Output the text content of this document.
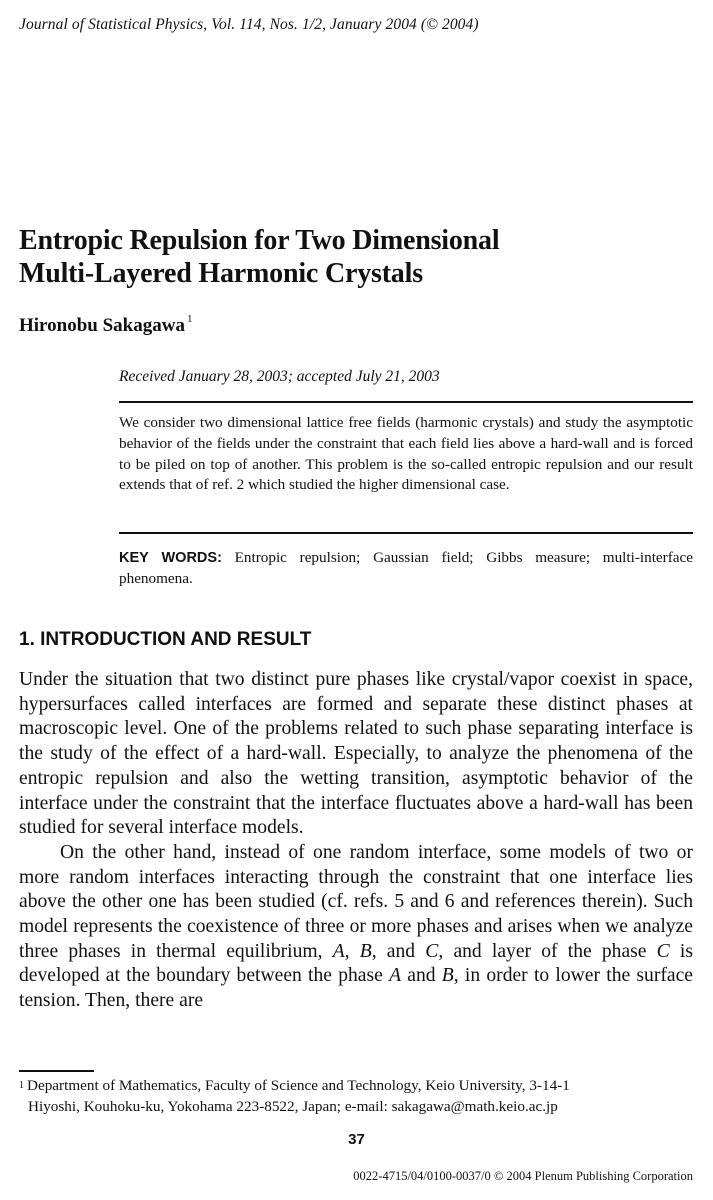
Journal of Statistical Physics, Vol. 114, Nos. 1/2, January 2004 (© 2004)
Entropic Repulsion for Two Dimensional
Multi-Layered Harmonic Crystals
Hironobu Sakagawa $^1$
Received January 28, 2003; accepted July 21, 2003

We consider two dimensional lattice free fields (harmonic crystals) and study the asymptotic behavior of the fields under the constraint that each field lies above a hard-wall and is forced to be piled on top of another. This problem is the so-called entropic repulsion and our result extends that of ref. 2 which studied the higher dimensional case.

KEY WORDS: Entropic repulsion; Gaussian field; Gibbs measure; multi-interface phenomena.

1. INTRODUCTION AND RESULT

Under the situation that two distinct pure phases like crystal/vapor coexist in space, hypersurfaces called interfaces are formed and separate these distinct phases at macroscopic level. One of the problems related to such phase separating interface is the study of the effect of a hard-wall. Especially, to analyze the phenomena of the entropic repulsion and also the wetting transition, asymptotic behavior of the interface under the constraint that the interface fluctuates above a hard-wall has been studied for several interface models.

On the other hand, instead of one random interface, some models of two or more random interfaces interacting through the constraint that one interface lies above the other one has been studied (cf. refs. 5 and 6 and references therein). Such model represents the coexistence of three or more phases and arises when we analyze three phases in thermal equilibrium, A, B, and C, and layer of the phase C is developed at the boundary between the phase A and B, in order to lower the surface tension. Then, there are

$^1$ Department of Mathematics, Faculty of Science and Technology, Keio University, 3-14-1
Hiyoshi, Kouhoku-ku, Yokohama 223-8522, Japan; e-mail: sakagawa@math.keio.ac.jp

37
0022-4715/04/0100-0037/0 © 2004 Plenum Publishing Corporation
